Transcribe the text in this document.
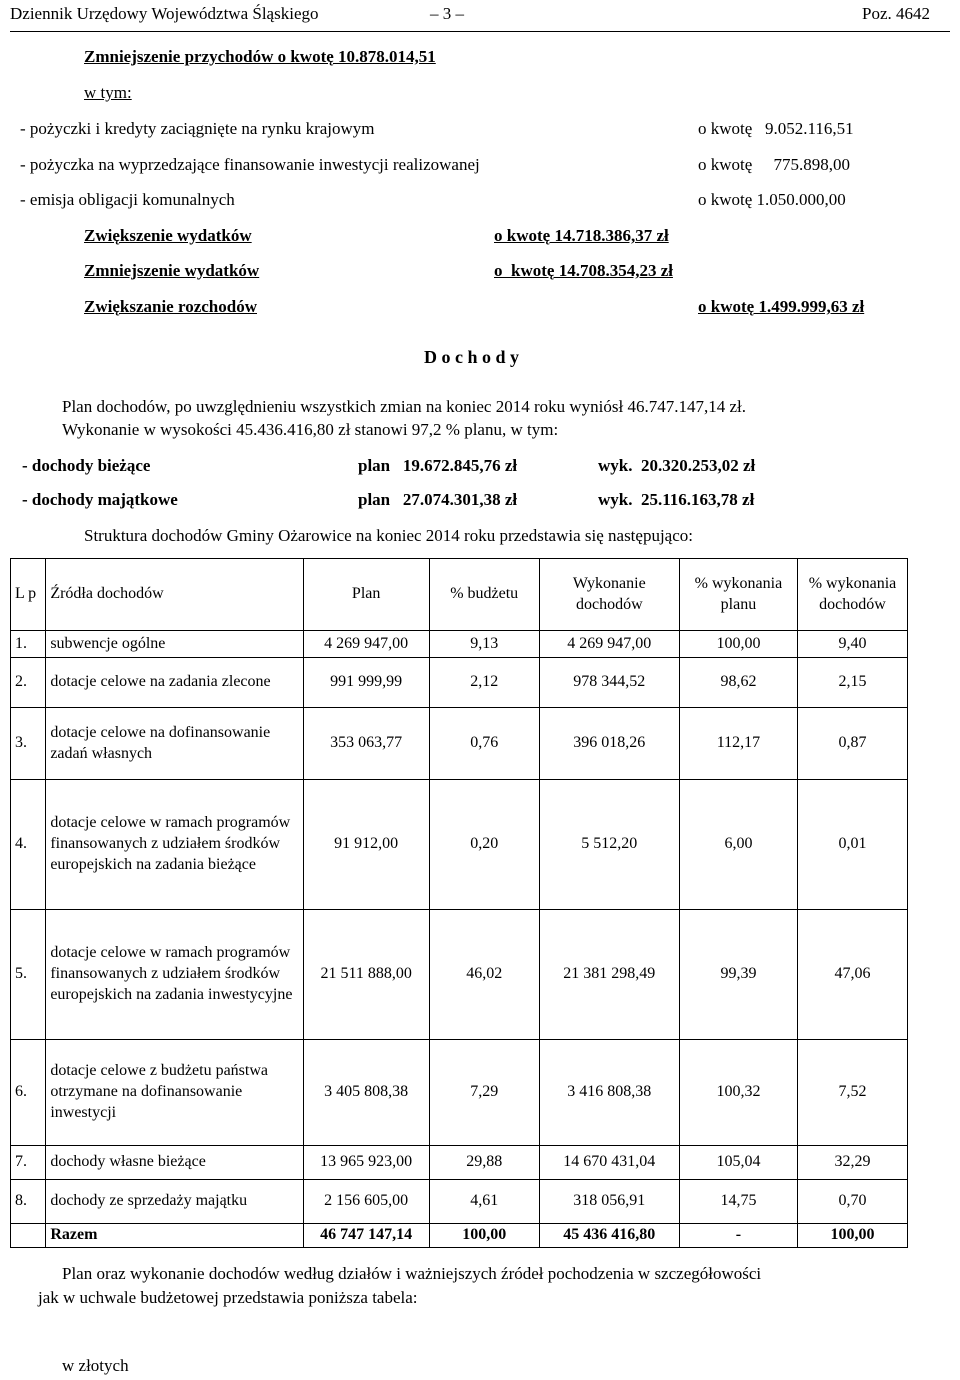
Dziennik Urzędowy Województwa Śląskiego	– 3 –	Poz. 4642
Zmniejszenie przychodów o kwotę 10.878.014,51
w tym:
- pożyczki i kredyty zaciągnięte na rynku krajowym	o kwotę   9.052.116,51
- pożyczka na wyprzedzające finansowanie inwestycji realizowanej	o kwotę     775.898,00
- emisja obligacji komunalnych	o kwotę 1.050.000,00
Zwiększenie wydatków	o kwotę 14.718.386,37 zł
Zmniejszenie wydatków	o  kwotę 14.708.354,23 zł
Zwiększanie rozchodów	o kwotę 1.499.999,63 zł
D o c h o d y
Plan dochodów, po uwzględnieniu wszystkich zmian na koniec 2014 roku wyniósł 46.747.147,14 zł.
Wykonanie w wysokości 45.436.416,80 zł stanowi 97,2 % planu, w tym:
- dochody bieżące	plan   19.672.845,76 zł	wyk.  20.320.253,02 zł
- dochody majątkowe	plan   27.074.301,38 zł	wyk.  25.116.163,78 zł
Struktura dochodów Gminy Ożarowice na koniec 2014 roku przedstawia się następująco:
L p	Źródła dochodów	Plan	% budżetu	Wykonanie dochodów	% wykonania planu	% wykonania dochodów
1.	subwencje ogólne	4 269 947,00	9,13	4 269 947,00	100,00	9,40
2.	dotacje celowe na zadania zlecone	991 999,99	2,12	978 344,52	98,62	2,15
3.	dotacje celowe na dofinansowanie zadań własnych	353 063,77	0,76	396 018,26	112,17	0,87
4.	dotacje celowe w ramach programów finansowanych z udziałem środków europejskich na zadania bieżące	91 912,00	0,20	5 512,20	6,00	0,01
5.	dotacje celowe w ramach programów finansowanych z udziałem środków europejskich na zadania inwestycyjne	21 511 888,00	46,02	21 381 298,49	99,39	47,06
6.	dotacje celowe z budżetu państwa otrzymane na dofinansowanie inwestycji	3 405 808,38	7,29	3 416 808,38	100,32	7,52
7.	dochody własne bieżące	13 965 923,00	29,88	14 670 431,04	105,04	32,29
8.	dochody ze sprzedaży majątku	2 156 605,00	4,61	318 056,91	14,75	0,70
	Razem	46 747 147,14	100,00	45 436 416,80	-	100,00
Plan oraz wykonanie dochodów według działów i ważniejszych źródeł pochodzenia w szczegółowości
jak w uchwale budżetowej przedstawia poniższa tabela:
w złotych
